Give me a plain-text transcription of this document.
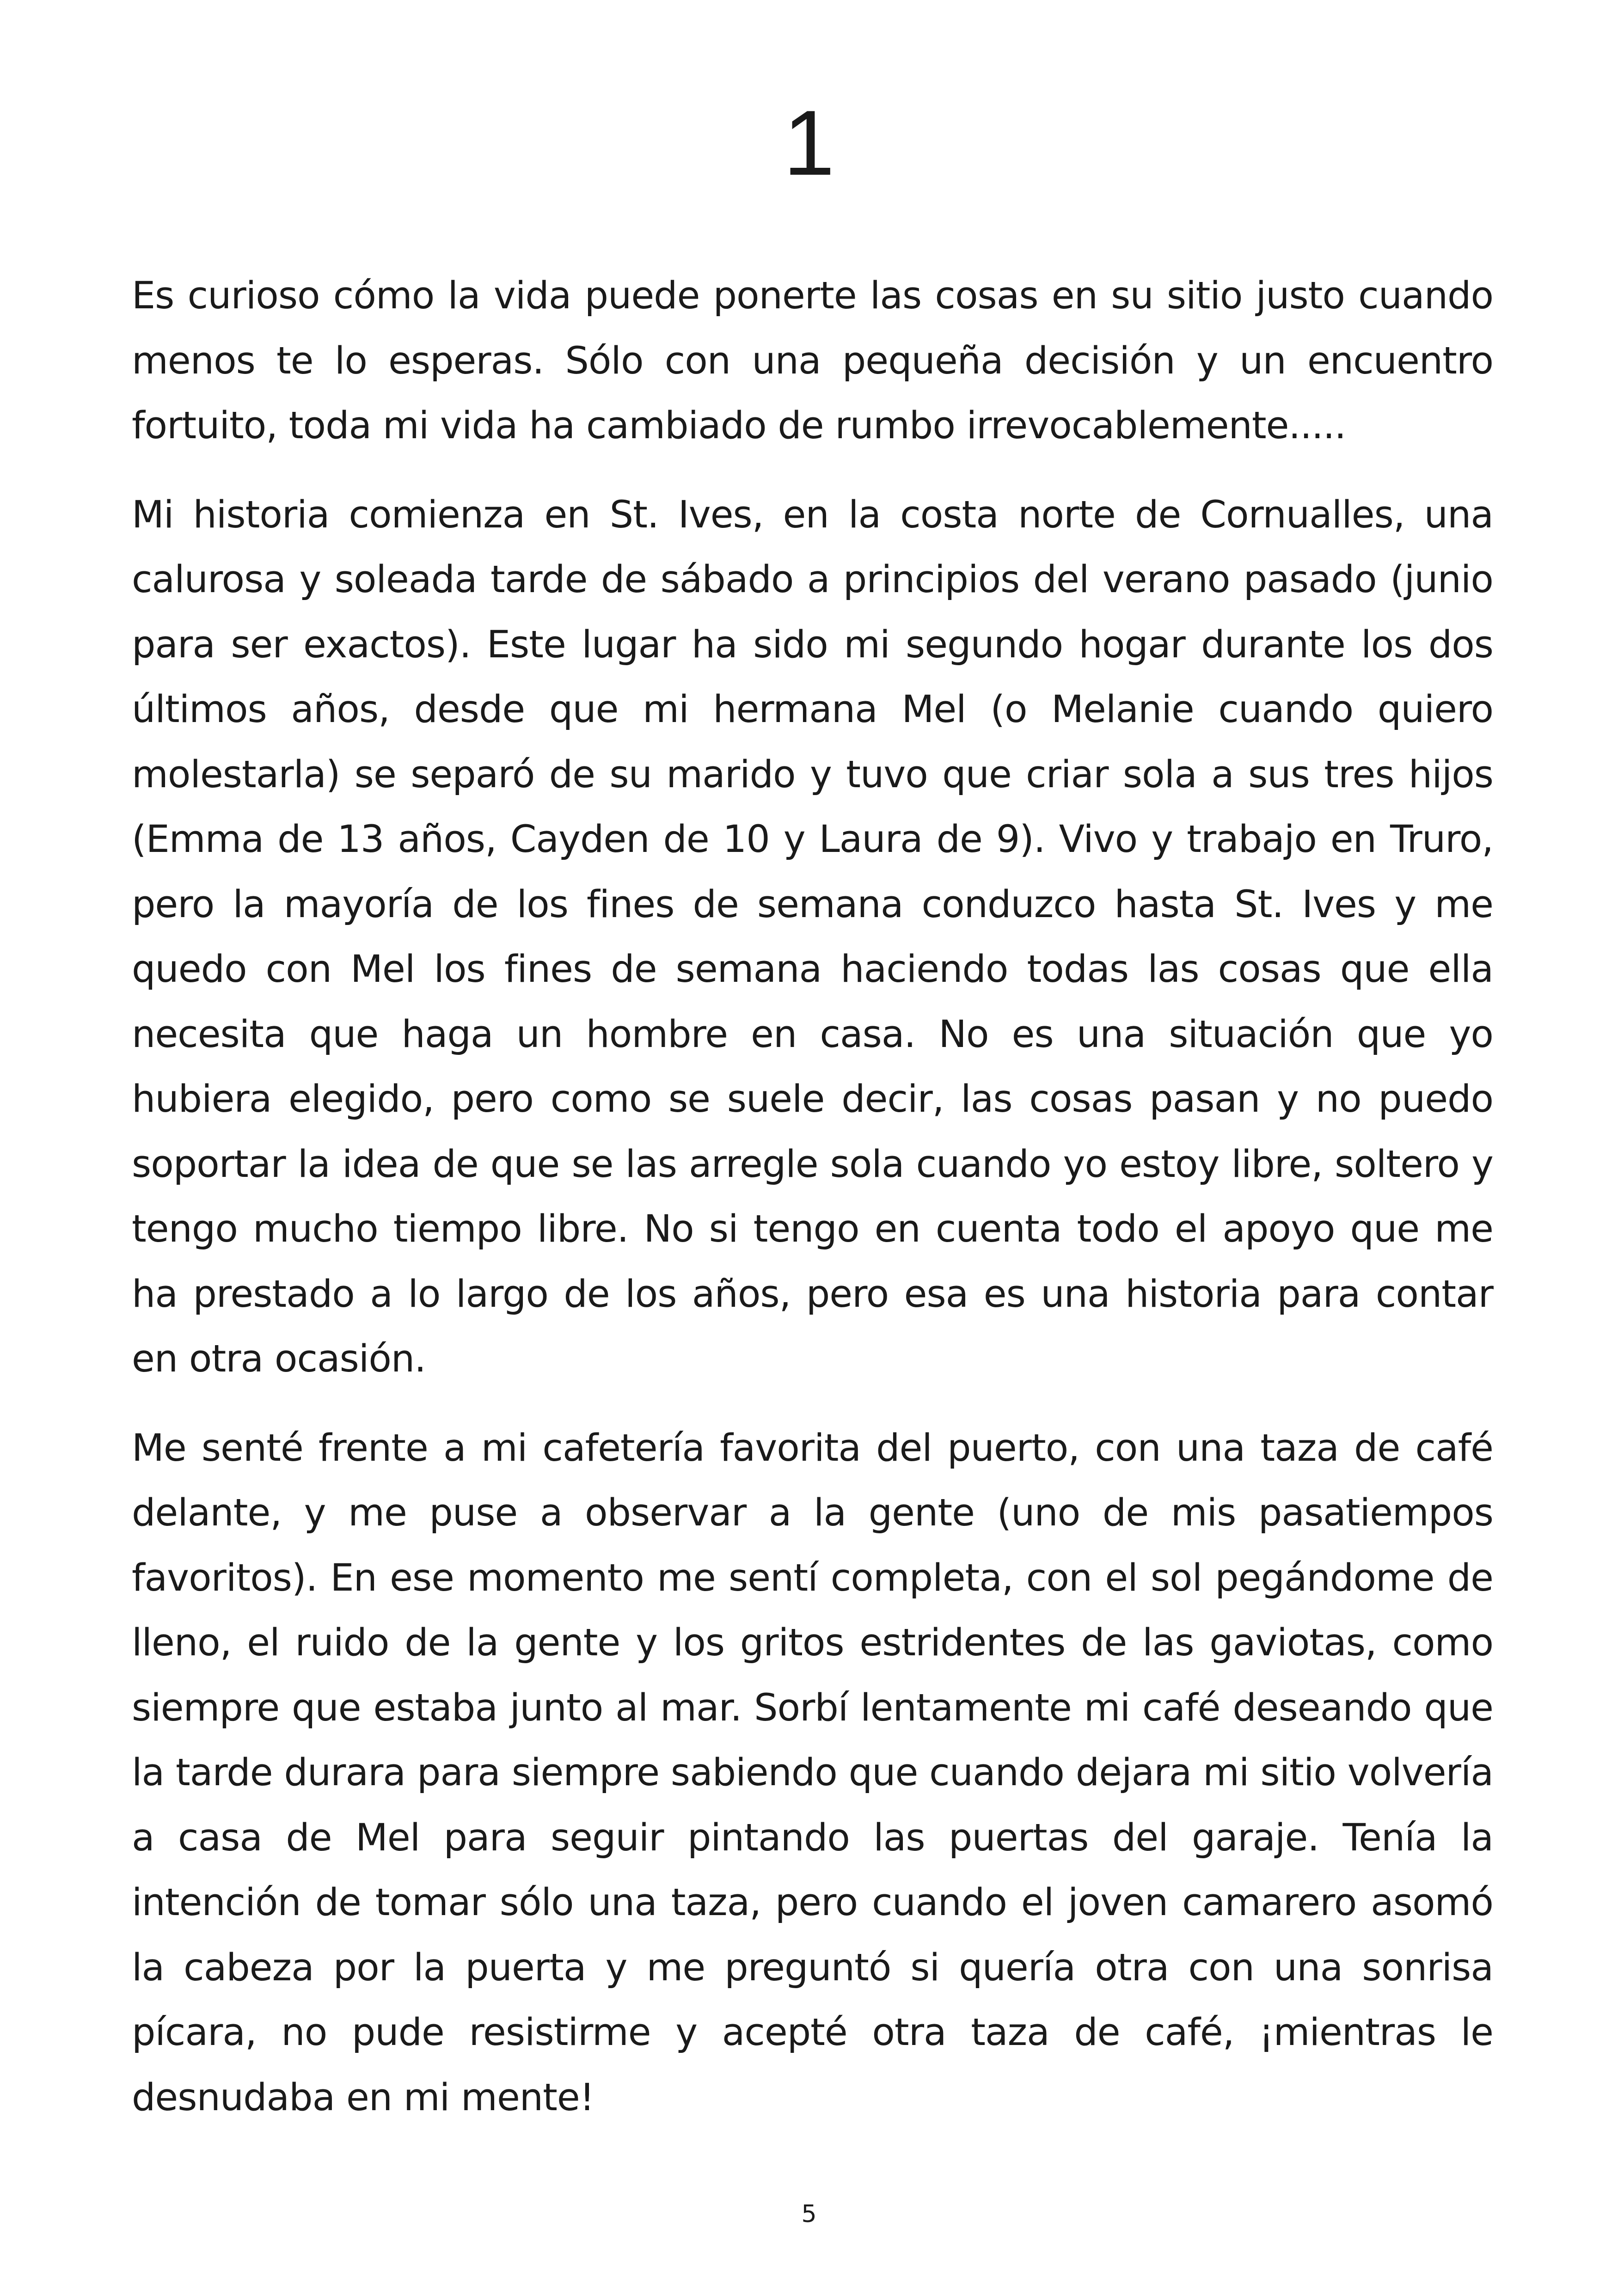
1

Es curioso cómo la vida puede ponerte las cosas en su sitio justo cuando menos te lo esperas. Sólo con una pequeña decisión y un encuentro fortuito, toda mi vida ha cambiado de rumbo irrevocablemente.....

Mi historia comienza en St. Ives, en la costa norte de Cornualles, una calurosa y soleada tarde de sábado a principios del verano pasado (junio para ser exactos). Este lugar ha sido mi segundo hogar durante los dos últimos años, desde que mi hermana Mel (o Melanie cuando quiero molestarla) se separó de su marido y tuvo que criar sola a sus tres hijos (Emma de 13 años, Cayden de 10 y Laura de 9). Vivo y trabajo en Truro, pero la mayoría de los fines de semana conduzco hasta St. Ives y me quedo con Mel los fines de semana haciendo todas las cosas que ella necesita que haga un hombre en casa. No es una situación que yo hubiera elegido, pero como se suele decir, las cosas pasan y no puedo soportar la idea de que se las arregle sola cuando yo estoy libre, soltero y tengo mucho tiempo libre. No si tengo en cuenta todo el apoyo que me ha prestado a lo largo de los años, pero esa es una historia para contar en otra ocasión.

Me senté frente a mi cafetería favorita del puerto, con una taza de café delante, y me puse a observar a la gente (uno de mis pasatiempos favoritos). En ese momento me sentí completa, con el sol pegándome de lleno, el ruido de la gente y los gritos estridentes de las gaviotas, como siempre que estaba junto al mar. Sorbí lentamente mi café deseando que la tarde durara para siempre sabiendo que cuando dejara mi sitio volvería a casa de Mel para seguir pintando las puertas del garaje. Tenía la intención de tomar sólo una taza, pero cuando el joven camarero asomó la cabeza por la puerta y me preguntó si quería otra con una sonrisa pícara, no pude resistirme y acepté otra taza de café, ¡mientras le desnudaba en mi mente!

5
